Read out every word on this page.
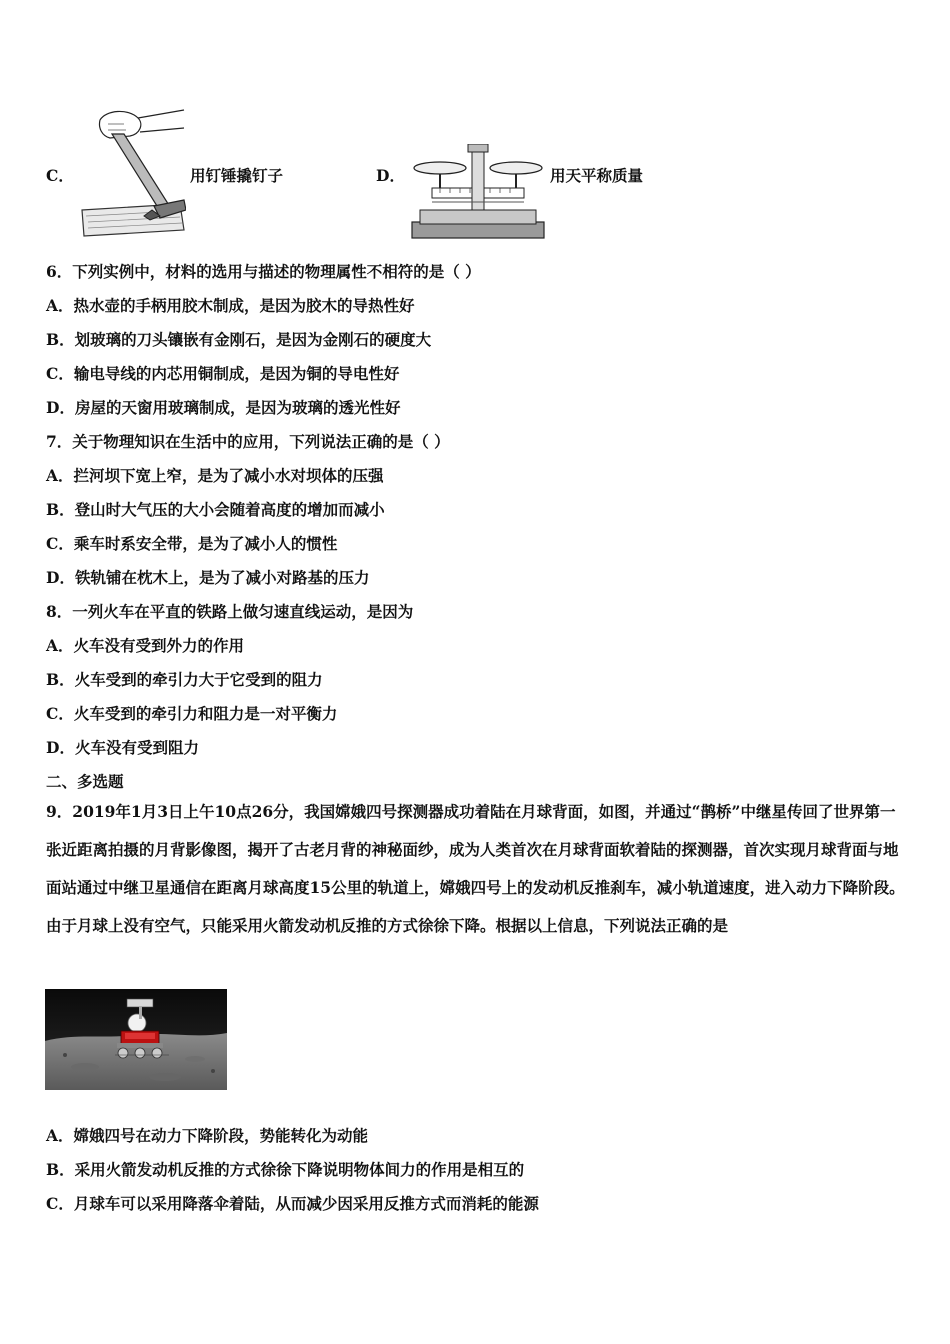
C．	用钉锤撬钉子	D．	用天平称质量
6．下列实例中，材料的选用与描述的物理属性不相符的是（ ）
A．热水壶的手柄用胶木制成，是因为胶木的导热性好
B．划玻璃的刀头镶嵌有金刚石，是因为金刚石的硬度大
C．输电导线的内芯用铜制成，是因为铜的导电性好
D．房屋的天窗用玻璃制成，是因为玻璃的透光性好
7．关于物理知识在生活中的应用，下列说法正确的是（ ）
A．拦河坝下宽上窄，是为了减小水对坝体的压强
B．登山时大气压的大小会随着高度的增加而减小
C．乘车时系安全带，是为了减小人的惯性
D．铁轨铺在枕木上，是为了减小对路基的压力
8．一列火车在平直的铁路上做匀速直线运动，是因为
A．火车没有受到外力的作用
B．火车受到的牵引力大于它受到的阻力
C．火车受到的牵引力和阻力是一对平衡力
D．火车没有受到阻力
二、多选题
9．2019年1月3日上午10点26分，我国嫦娥四号探测器成功着陆在月球背面，如图，并通过“鹊桥”中继星传回了世界第一张近距离拍摄的月背影像图，揭开了古老月背的神秘面纱，成为人类首次在月球背面软着陆的探测器，首次实现月球背面与地面站通过中继卫星通信在距离月球高度15公里的轨道上，嫦娥四号上的发动机反推刹车，减小轨道速度，进入动力下降阶段。由于月球上没有空气，只能采用火箭发动机反推的方式徐徐下降。根据以上信息，下列说法正确的是
A．嫦娥四号在动力下降阶段，势能转化为动能
B．采用火箭发动机反推的方式徐徐下降说明物体间力的作用是相互的
C．月球车可以采用降落伞着陆，从而减少因采用反推方式而消耗的能源
